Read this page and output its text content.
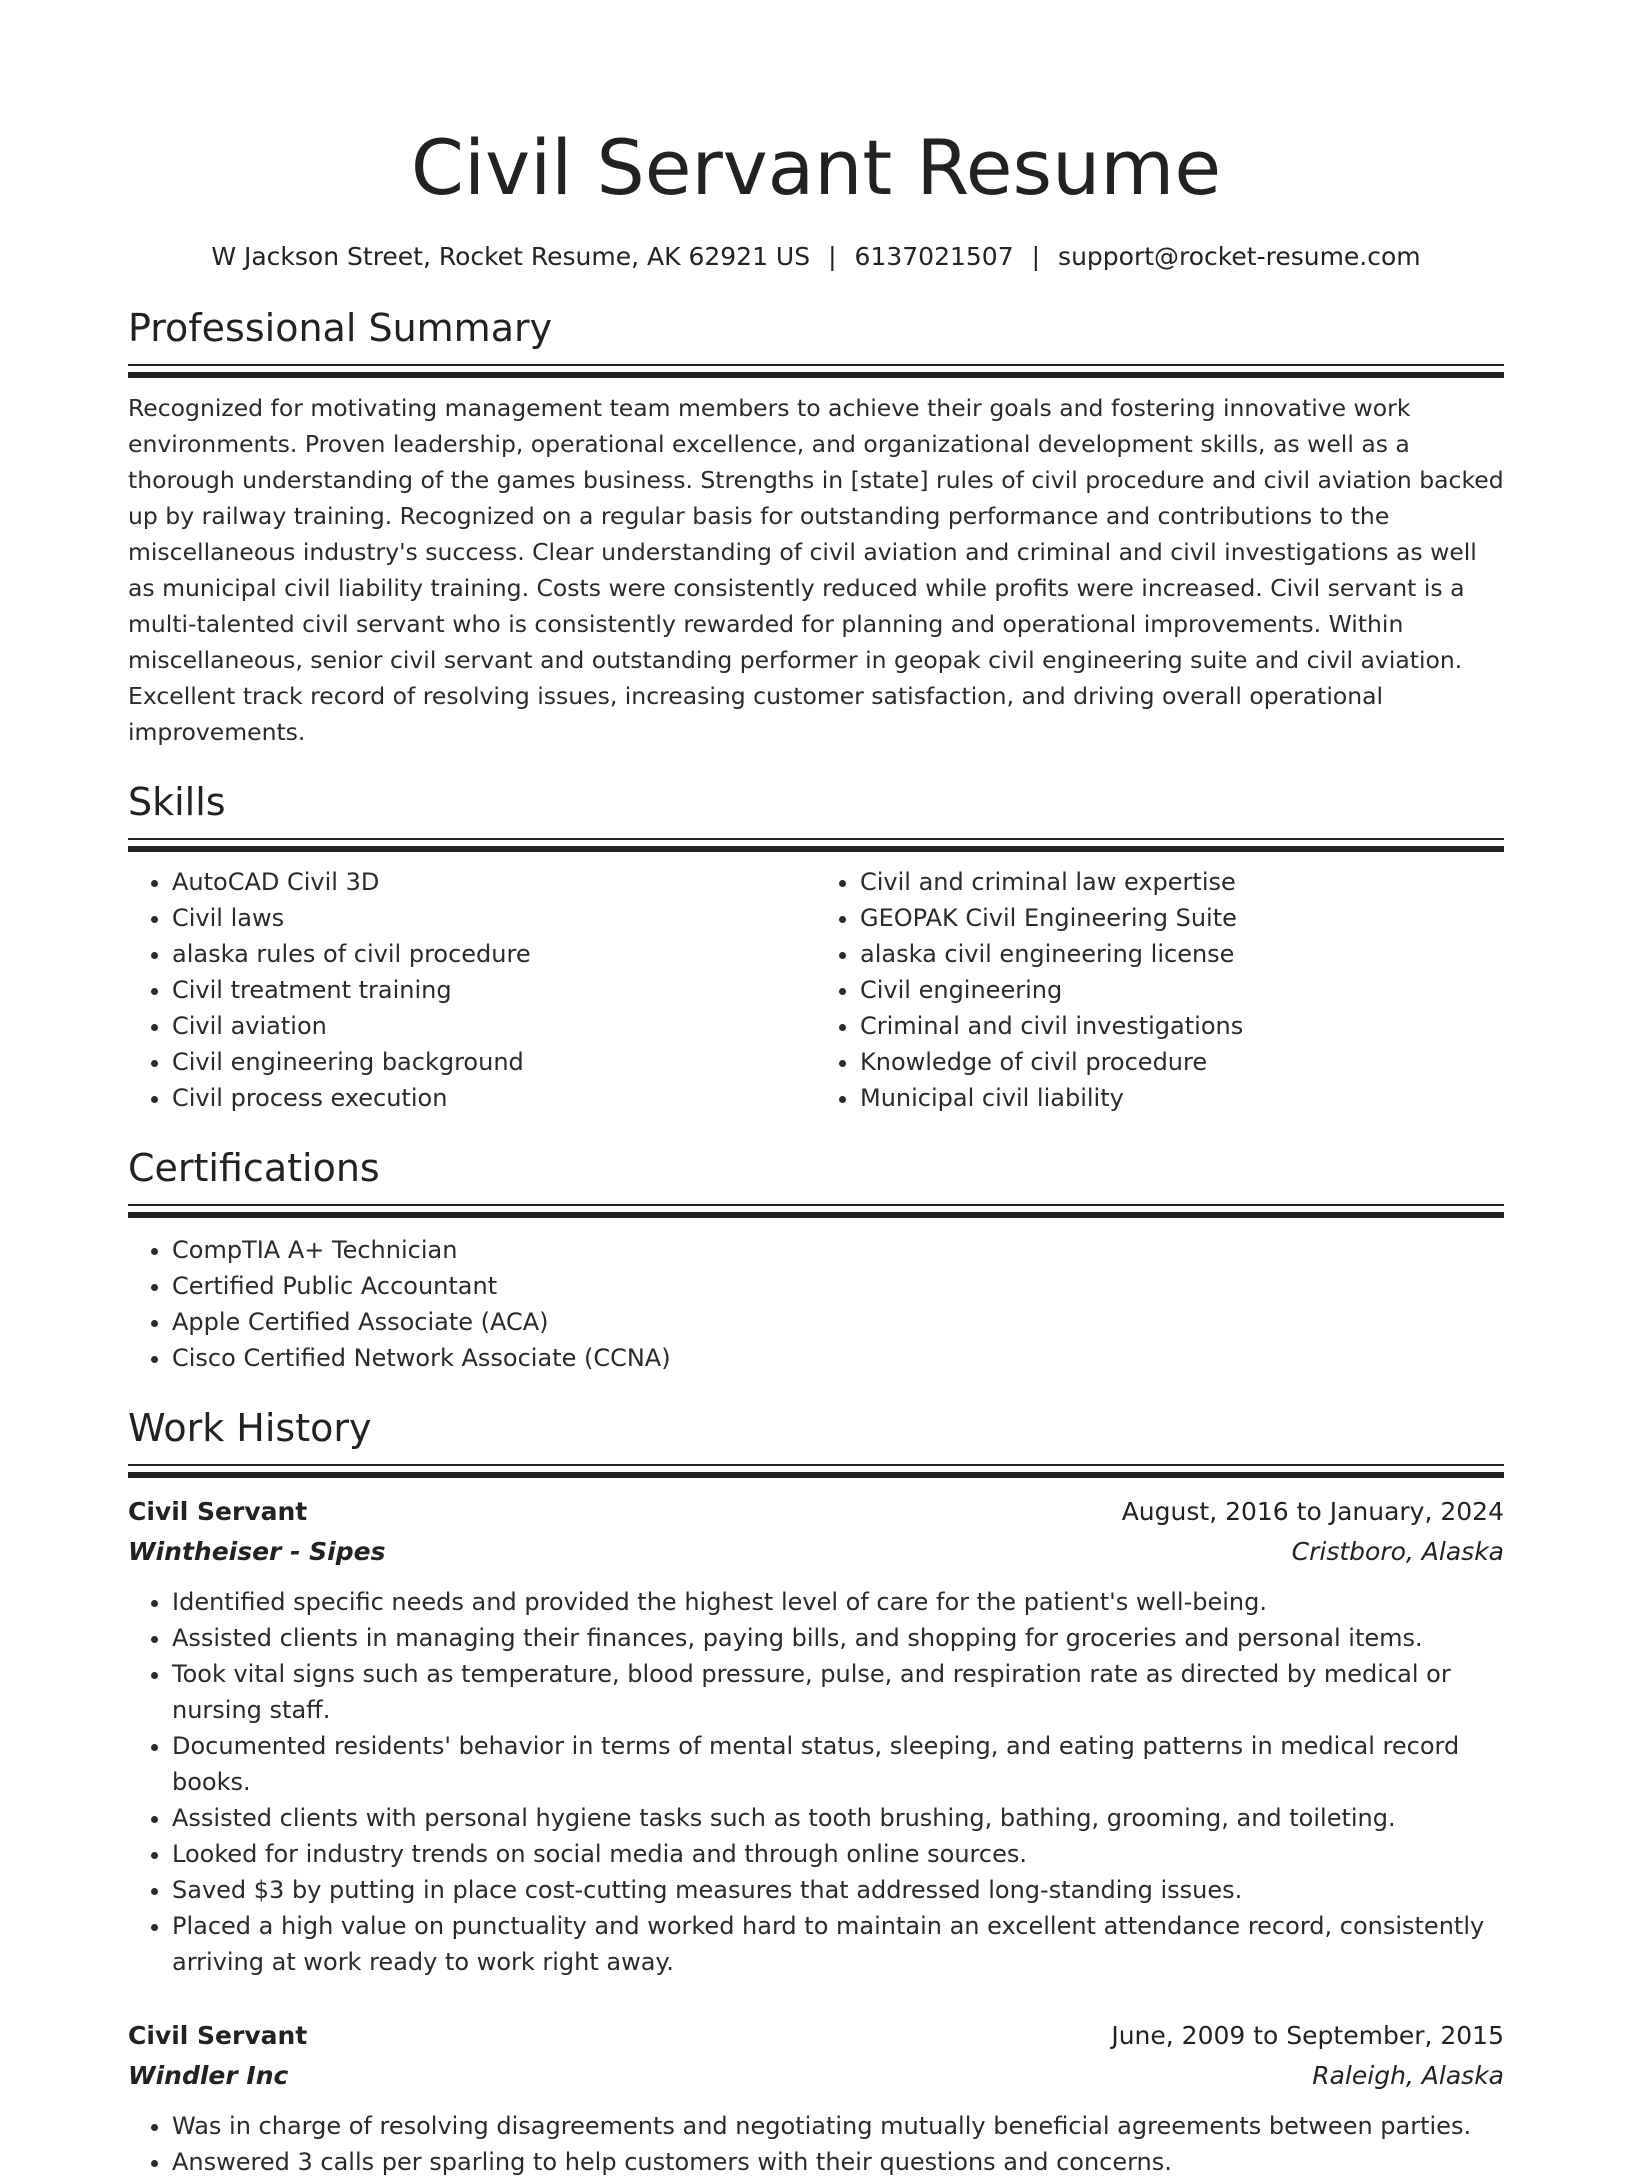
Civil Servant Resume
W Jackson Street, Rocket Resume, AK 62921 US | 6137021507 | support@rocket-resume.com
Professional Summary

Recognized for motivating management team members to achieve their goals and fostering innovative work environments. Proven leadership, operational excellence, and organizational development skills, as well as a thorough understanding of the games business. Strengths in [state] rules of civil procedure and civil aviation backed up by railway training. Recognized on a regular basis for outstanding performance and contributions to the miscellaneous industry's success. Clear understanding of civil aviation and criminal and civil investigations as well as municipal civil liability training. Costs were consistently reduced while profits were increased. Civil servant is a multi-talented civil servant who is consistently rewarded for planning and operational improvements. Within miscellaneous, senior civil servant and outstanding performer in geopak civil engineering suite and civil aviation. Excellent track record of resolving issues, increasing customer satisfaction, and driving overall operational improvements.

Skills
• AutoCAD Civil 3D
• Civil laws
• alaska rules of civil procedure
• Civil treatment training
• Civil aviation
• Civil engineering background
• Civil process execution
• Civil and criminal law expertise
• GEOPAK Civil Engineering Suite
• alaska civil engineering license
• Civil engineering
• Criminal and civil investigations
• Knowledge of civil procedure
• Municipal civil liability
Certifications
• CompTIA A+ Technician
• Certified Public Accountant
• Apple Certified Associate (ACA)
• Cisco Certified Network Associate (CCNA)
Work History
Civil Servant	August, 2016 to January, 2024
Wintheiser - Sipes	Cristboro, Alaska
• Identified specific needs and provided the highest level of care for the patient's well-being.
• Assisted clients in managing their finances, paying bills, and shopping for groceries and personal items.
• Took vital signs such as temperature, blood pressure, pulse, and respiration rate as directed by medical or nursing staff.
• Documented residents' behavior in terms of mental status, sleeping, and eating patterns in medical record books.
• Assisted clients with personal hygiene tasks such as tooth brushing, bathing, grooming, and toileting.
• Looked for industry trends on social media and through online sources.
• Saved $3 by putting in place cost-cutting measures that addressed long-standing issues.
• Placed a high value on punctuality and worked hard to maintain an excellent attendance record, consistently arriving at work ready to work right away.
Civil Servant	June, 2009 to September, 2015
Windler Inc	Raleigh, Alaska
• Was in charge of resolving disagreements and negotiating mutually beneficial agreements between parties.
• Answered 3 calls per sparling to help customers with their questions and concerns.
